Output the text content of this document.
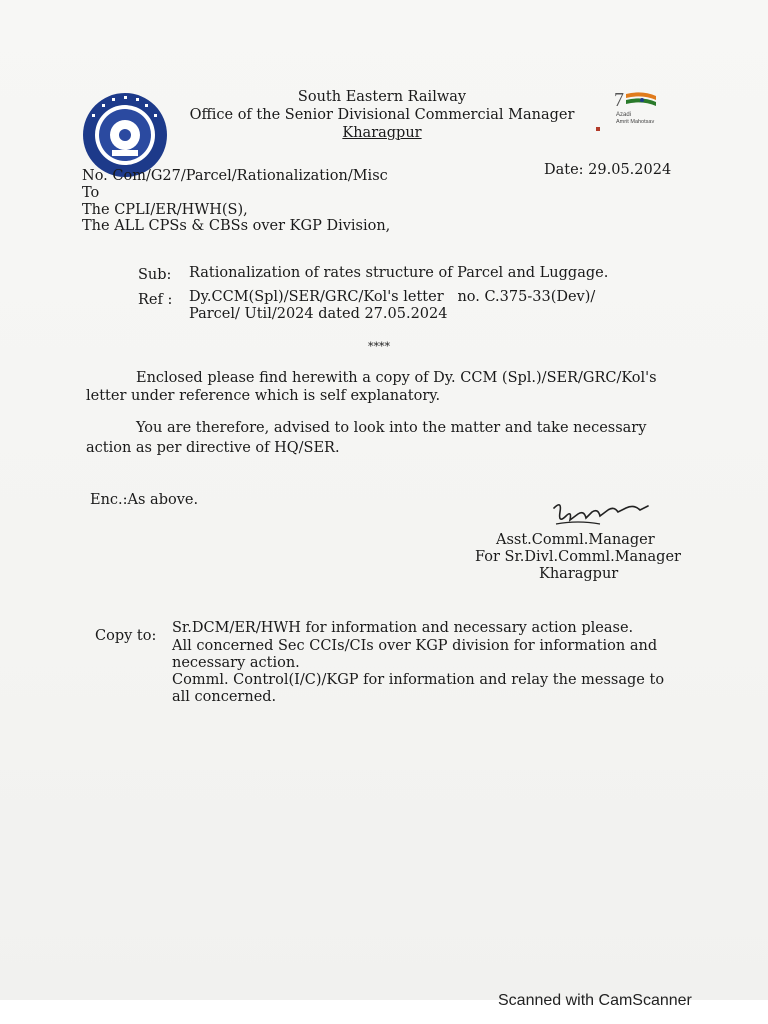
7
Azadi
Amrit Mahotsav
South Eastern Railway
Office of the Senior Divisional Commercial Manager
Kharagpur
No. Com/G27/Parcel/Rationalization/Misc	Date: 29.05.2024
To
The CPLI/ER/HWH(S),
The ALL CPSs & CBSs over KGP Division,
Sub: Rationalization of rates structure of Parcel and Luggage.
Ref : Dy.CCM(Spl)/SER/GRC/Kol's letter   no. C.375-33(Dev)/
Parcel/ Util/2024 dated 27.05.2024
****
Enclosed please find herewith a copy of Dy. CCM (Spl.)/SER/GRC/Kol's
letter under reference which is self explanatory.
You are therefore, advised to look into the matter and take necessary
action as per directive of HQ/SER.
Enc.:As above.
Asst.Comml.Manager
For Sr.Divl.Comml.Manager
Kharagpur
Copy to: Sr.DCM/ER/HWH for information and necessary action please.
All concerned Sec CCIs/CIs over KGP division for information and
necessary action.
Comml. Control(I/C)/KGP for information and relay the message to
all concerned.
Scanned with CamScanner
